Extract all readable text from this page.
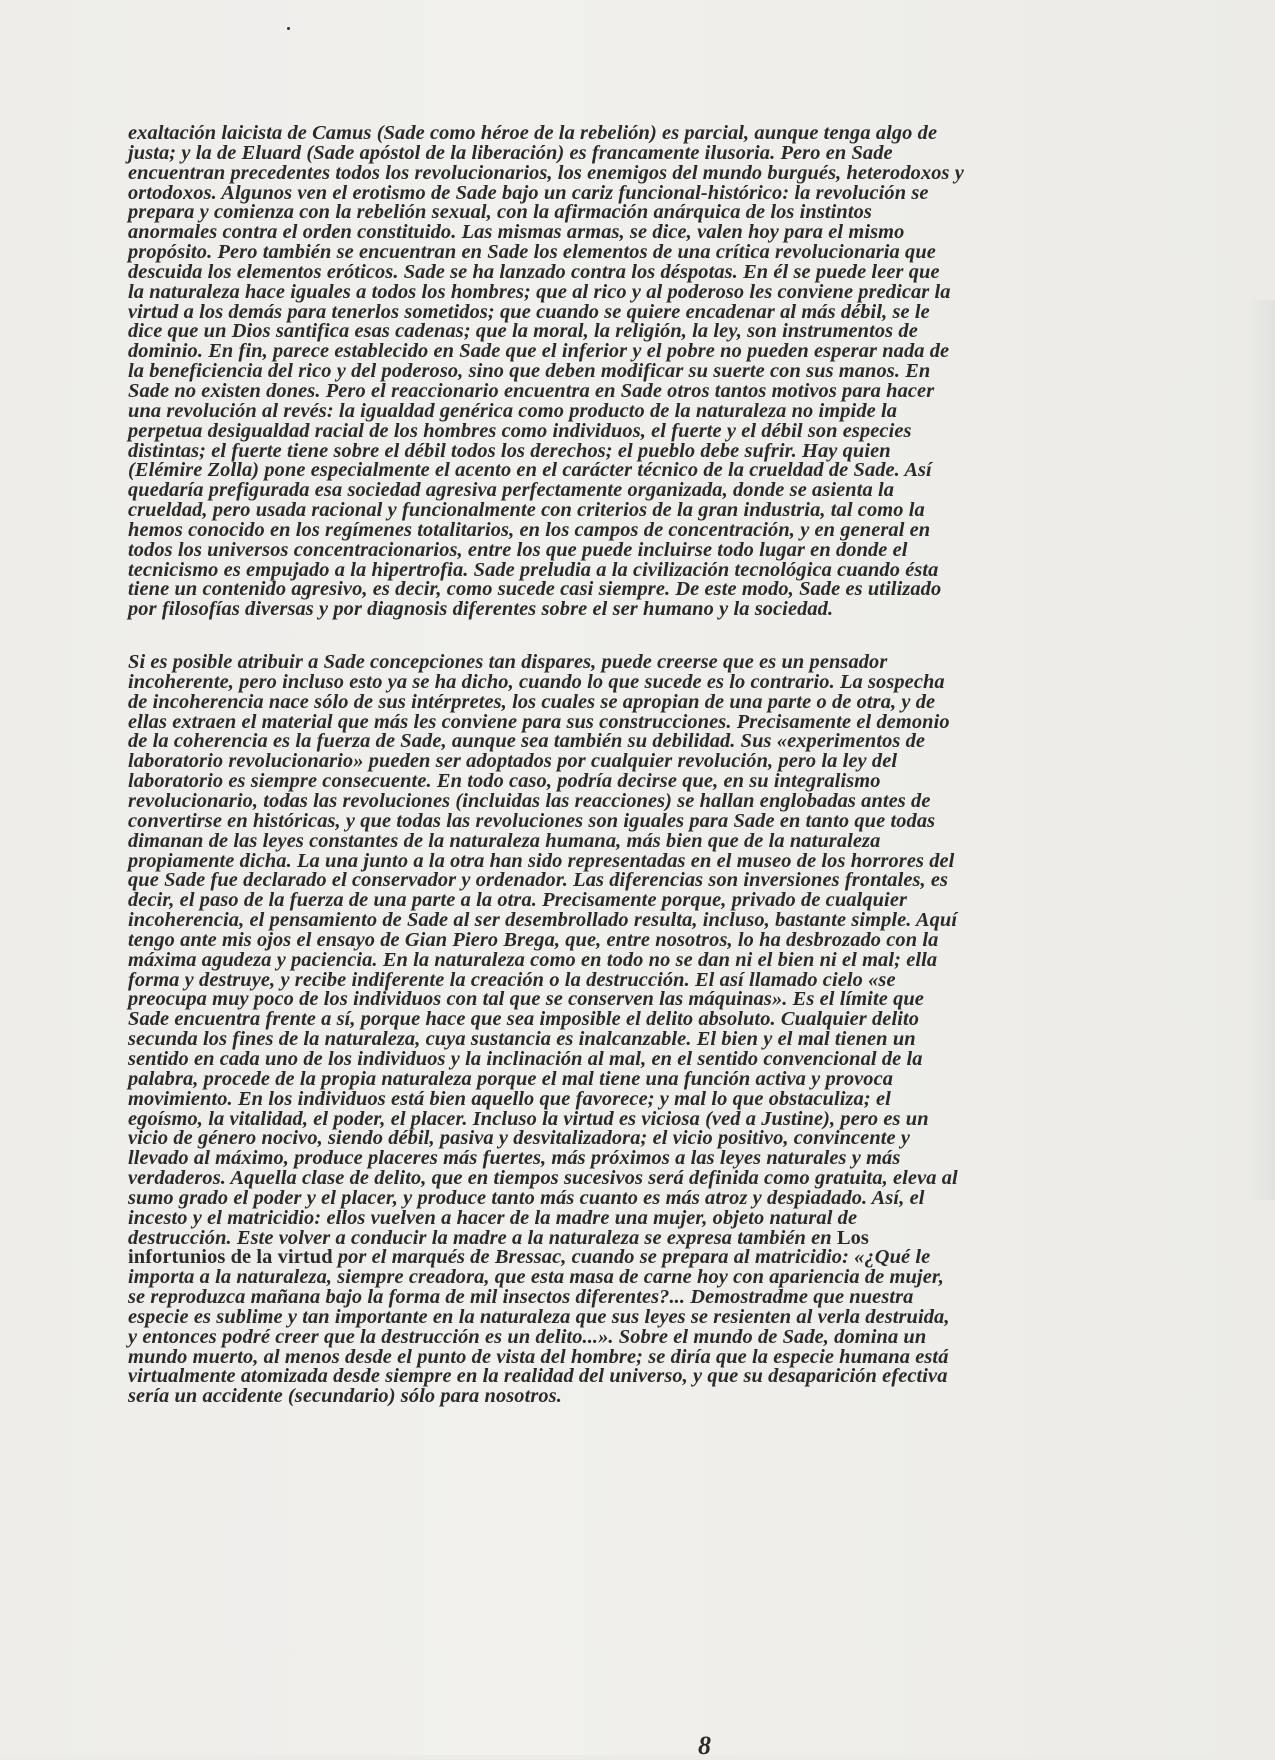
exaltación laicista de Camus (Sade como héroe de la rebelión) es parcial, aunque tenga algo de
justa; y la de Eluard (Sade apóstol de la liberación) es francamente ilusoria. Pero en Sade
encuentran precedentes todos los revolucionarios, los enemigos del mundo burgués, heterodoxos y
ortodoxos. Algunos ven el erotismo de Sade bajo un cariz funcional-histórico: la revolución se
prepara y comienza con la rebelión sexual, con la afirmación anárquica de los instintos
anormales contra el orden constituido. Las mismas armas, se dice, valen hoy para el mismo
propósito. Pero también se encuentran en Sade los elementos de una crítica revolucionaria que
descuida los elementos eróticos. Sade se ha lanzado contra los déspotas. En él se puede leer que
la naturaleza hace iguales a todos los hombres; que al rico y al poderoso les conviene predicar la
virtud a los demás para tenerlos sometidos; que cuando se quiere encadenar al más débil, se le
dice que un Dios santifica esas cadenas; que la moral, la religión, la ley, son instrumentos de
dominio. En fin, parece establecido en Sade que el inferior y el pobre no pueden esperar nada de
la beneficiencia del rico y del poderoso, sino que deben modificar su suerte con sus manos. En
Sade no existen dones. Pero el reaccionario encuentra en Sade otros tantos motivos para hacer
una revolución al revés: la igualdad genérica como producto de la naturaleza no impide la
perpetua desigualdad racial de los hombres como individuos, el fuerte y el débil son especies
distintas; el fuerte tiene sobre el débil todos los derechos; el pueblo debe sufrir. Hay quien
(Elémire Zolla) pone especialmente el acento en el carácter técnico de la crueldad de Sade. Así
quedaría prefigurada esa sociedad agresiva perfectamente organizada, donde se asienta la
crueldad, pero usada racional y funcionalmente con criterios de la gran industria, tal como la
hemos conocido en los regímenes totalitarios, en los campos de concentración, y en general en
todos los universos concentracionarios, entre los que puede incluirse todo lugar en donde el
tecnicismo es empujado a la hipertrofia. Sade preludia a la civilización tecnológica cuando ésta
tiene un contenido agresivo, es decir, como sucede casi siempre. De este modo, Sade es utilizado
por filosofías diversas y por diagnosis diferentes sobre el ser humano y la sociedad.

Si es posible atribuir a Sade concepciones tan dispares, puede creerse que es un pensador
incoherente, pero incluso esto ya se ha dicho, cuando lo que sucede es lo contrario. La sospecha
de incoherencia nace sólo de sus intérpretes, los cuales se apropian de una parte o de otra, y de
ellas extraen el material que más les conviene para sus construcciones. Precisamente el demonio
de la coherencia es la fuerza de Sade, aunque sea también su debilidad. Sus «experimentos de
laboratorio revolucionario» pueden ser adoptados por cualquier revolución, pero la ley del
laboratorio es siempre consecuente. En todo caso, podría decirse que, en su integralismo
revolucionario, todas las revoluciones (incluidas las reacciones) se hallan englobadas antes de
convertirse en históricas, y que todas las revoluciones son iguales para Sade en tanto que todas
dimanan de las leyes constantes de la naturaleza humana, más bien que de la naturaleza
propiamente dicha. La una junto a la otra han sido representadas en el museo de los horrores del
que Sade fue declarado el conservador y ordenador. Las diferencias son inversiones frontales, es
decir, el paso de la fuerza de una parte a la otra. Precisamente porque, privado de cualquier
incoherencia, el pensamiento de Sade al ser desembrollado resulta, incluso, bastante simple. Aquí
tengo ante mis ojos el ensayo de Gian Piero Brega, que, entre nosotros, lo ha desbrozado con la
máxima agudeza y paciencia. En la naturaleza como en todo no se dan ni el bien ni el mal; ella
forma y destruye, y recibe indiferente la creación o la destrucción. El así llamado cielo «se
preocupa muy poco de los individuos con tal que se conserven las máquinas». Es el límite que
Sade encuentra frente a sí, porque hace que sea imposible el delito absoluto. Cualquier delito
secunda los fines de la naturaleza, cuya sustancia es inalcanzable. El bien y el mal tienen un
sentido en cada uno de los individuos y la inclinación al mal, en el sentido convencional de la
palabra, procede de la propia naturaleza porque el mal tiene una función activa y provoca
movimiento. En los individuos está bien aquello que favorece; y mal lo que obstaculiza; el
egoísmo, la vitalidad, el poder, el placer. Incluso la virtud es viciosa (ved a Justine), pero es un
vicio de género nocivo, siendo débil, pasiva y desvitalizadora; el vicio positivo, convincente y
llevado al máximo, produce placeres más fuertes, más próximos a las leyes naturales y más
verdaderos. Aquella clase de delito, que en tiempos sucesivos será definida como gratuita, eleva al
sumo grado el poder y el placer, y produce tanto más cuanto es más atroz y despiadado. Así, el
incesto y el matricidio: ellos vuelven a hacer de la madre una mujer, objeto natural de
destrucción. Este volver a conducir la madre a la naturaleza se expresa también en Los
infortunios de la virtud por el marqués de Bressac, cuando se prepara al matricidio: «¿Qué le
importa a la naturaleza, siempre creadora, que esta masa de carne hoy con apariencia de mujer,
se reproduzca mañana bajo la forma de mil insectos diferentes?... Demostradme que nuestra
especie es sublime y tan importante en la naturaleza que sus leyes se resienten al verla destruida,
y entonces podré creer que la destrucción es un delito...». Sobre el mundo de Sade, domina un
mundo muerto, al menos desde el punto de vista del hombre; se diría que la especie humana está
virtualmente atomizada desde siempre en la realidad del universo, y que su desaparición efectiva
sería un accidente (secundario) sólo para nosotros.

8
